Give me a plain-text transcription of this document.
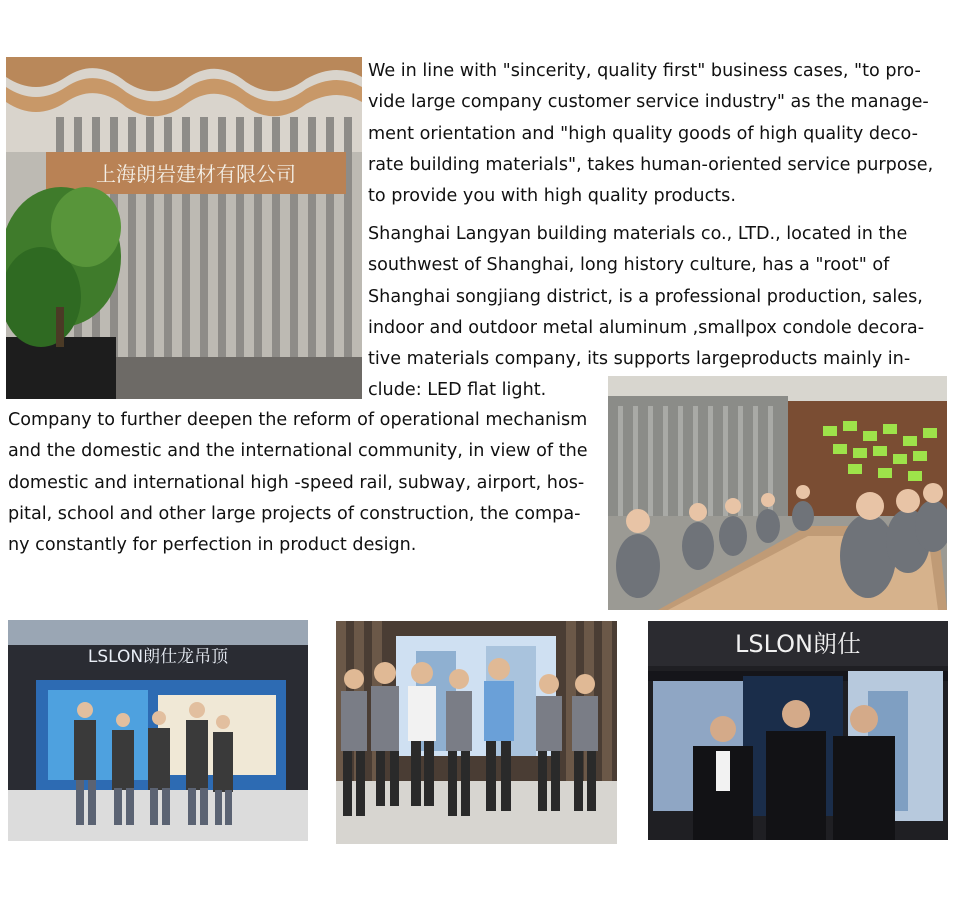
上海朗岩建材有限公司

We in line with "sincerity, quality first" business cases, "to pro-

vide large company customer service industry" as the manage-

ment orientation and "high quality goods of high quality deco-

rate building materials", takes human-oriented service purpose,

to provide you with high quality products.

Shanghai Langyan building materials co., LTD., located in the

southwest of Shanghai, long history culture, has a "root" of

Shanghai songjiang district, is a professional production, sales,

indoor and outdoor metal aluminum ,smallpox condole decora-

tive materials company, its supports largeproducts mainly in-

clude: LED flat light.

Company to further deepen the reform of operational mechanism

and the domestic and the international community, in view of the

domestic and international high -speed rail, subway, airport, hos-

pital, school and other large projects of construction, the compa-

ny constantly for perfection in product design.

LSLON朗仕龙吊顶	LSLON朗仕
